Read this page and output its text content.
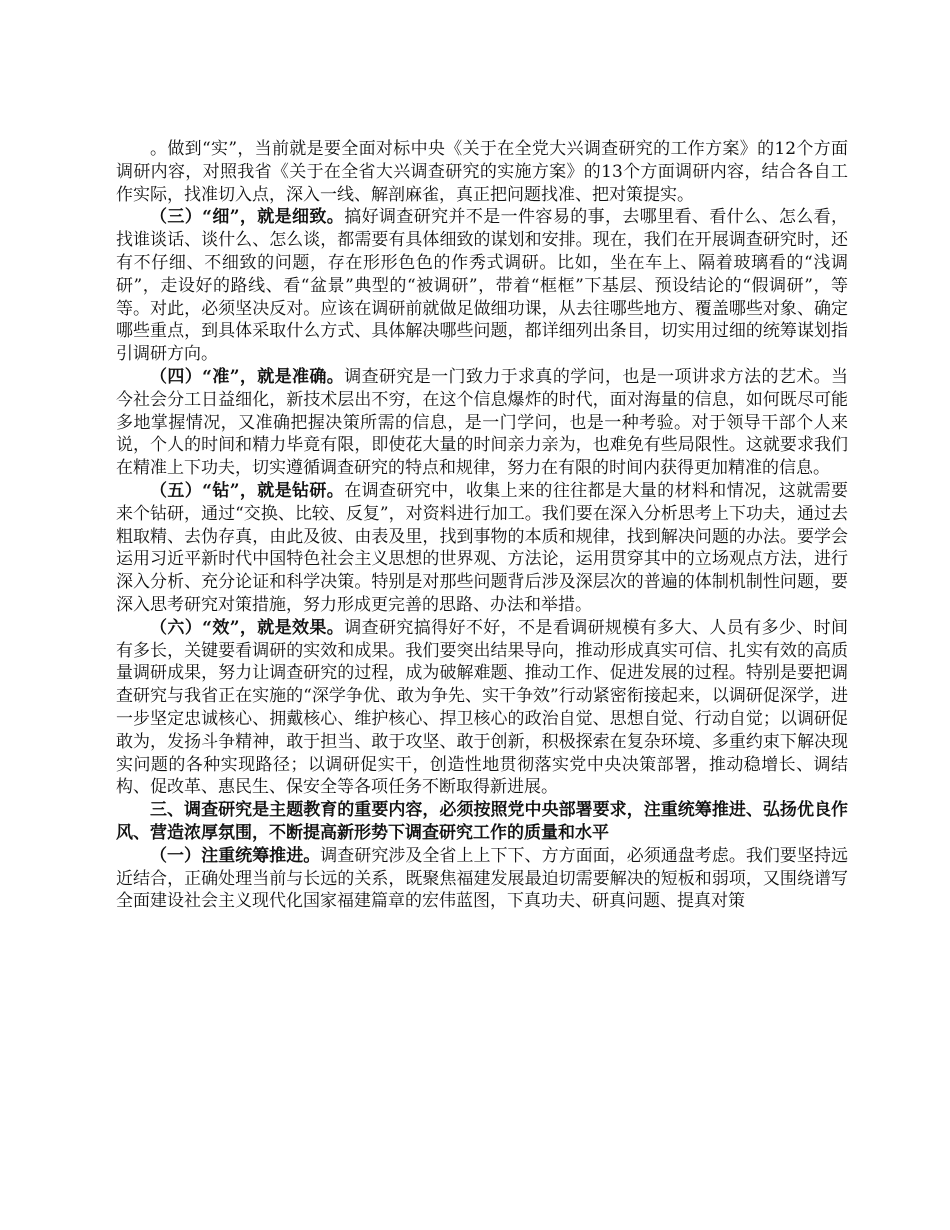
。做到“实”，当前就是要全面对标中央《关于在全党大兴调查研究的工作方案》的12个方面调研内容，对照我省《关于在全省大兴调查研究的实施方案》的13个方面调研内容，结合各自工作实际，找准切入点，深入一线、解剖麻雀，真正把问题找准、把对策提实。

（三）“细”，就是细致。搞好调查研究并不是一件容易的事，去哪里看、看什么、怎么看，找谁谈话、谈什么、怎么谈，都需要有具体细致的谋划和安排。现在，我们在开展调查研究时，还有不仔细、不细致的问题，存在形形色色的作秀式调研。比如，坐在车上、隔着玻璃看的“浅调研”，走设好的路线、看“盆景”典型的“被调研”，带着“框框”下基层、预设结论的“假调研”，等等。对此，必须坚决反对。应该在调研前就做足做细功课，从去往哪些地方、覆盖哪些对象、确定哪些重点，到具体采取什么方式、具体解决哪些问题，都详细列出条目，切实用过细的统筹谋划指引调研方向。

（四）“准”，就是准确。调查研究是一门致力于求真的学问，也是一项讲求方法的艺术。当今社会分工日益细化，新技术层出不穷，在这个信息爆炸的时代，面对海量的信息，如何既尽可能多地掌握情况，又准确把握决策所需的信息，是一门学问，也是一种考验。对于领导干部个人来说，个人的时间和精力毕竟有限，即使花大量的时间亲力亲为，也难免有些局限性。这就要求我们在精准上下功夫，切实遵循调查研究的特点和规律，努力在有限的时间内获得更加精准的信息。

（五）“钻”，就是钻研。在调查研究中，收集上来的往往都是大量的材料和情况，这就需要来个钻研，通过“交换、比较、反复”，对资料进行加工。我们要在深入分析思考上下功夫，通过去粗取精、去伪存真，由此及彼、由表及里，找到事物的本质和规律，找到解决问题的办法。要学会运用习近平新时代中国特色社会主义思想的世界观、方法论，运用贯穿其中的立场观点方法，进行深入分析、充分论证和科学决策。特别是对那些问题背后涉及深层次的普遍的体制机制性问题，要深入思考研究对策措施，努力形成更完善的思路、办法和举措。

（六）“效”，就是效果。调查研究搞得好不好，不是看调研规模有多大、人员有多少、时间有多长，关键要看调研的实效和成果。我们要突出结果导向，推动形成真实可信、扎实有效的高质量调研成果，努力让调查研究的过程，成为破解难题、推动工作、促进发展的过程。特别是要把调查研究与我省正在实施的“深学争优、敢为争先、实干争效”行动紧密衔接起来，以调研促深学，进一步坚定忠诚核心、拥戴核心、维护核心、捍卫核心的政治自觉、思想自觉、行动自觉；以调研促敢为，发扬斗争精神，敢于担当、敢于攻坚、敢于创新，积极探索在复杂环境、多重约束下解决现实问题的各种实现路径；以调研促实干，创造性地贯彻落实党中央决策部署，推动稳增长、调结构、促改革、惠民生、保安全等各项任务不断取得新进展。

三、调查研究是主题教育的重要内容，必须按照党中央部署要求，注重统筹推进、弘扬优良作风、营造浓厚氛围，不断提高新形势下调查研究工作的质量和水平

（一）注重统筹推进。调查研究涉及全省上上下下、方方面面，必须通盘考虑。我们要坚持远近结合，正确处理当前与长远的关系，既聚焦福建发展最迫切需要解决的短板和弱项，又围绕谱写全面建设社会主义现代化国家福建篇章的宏伟蓝图，下真功夫、研真问题、提真对策
